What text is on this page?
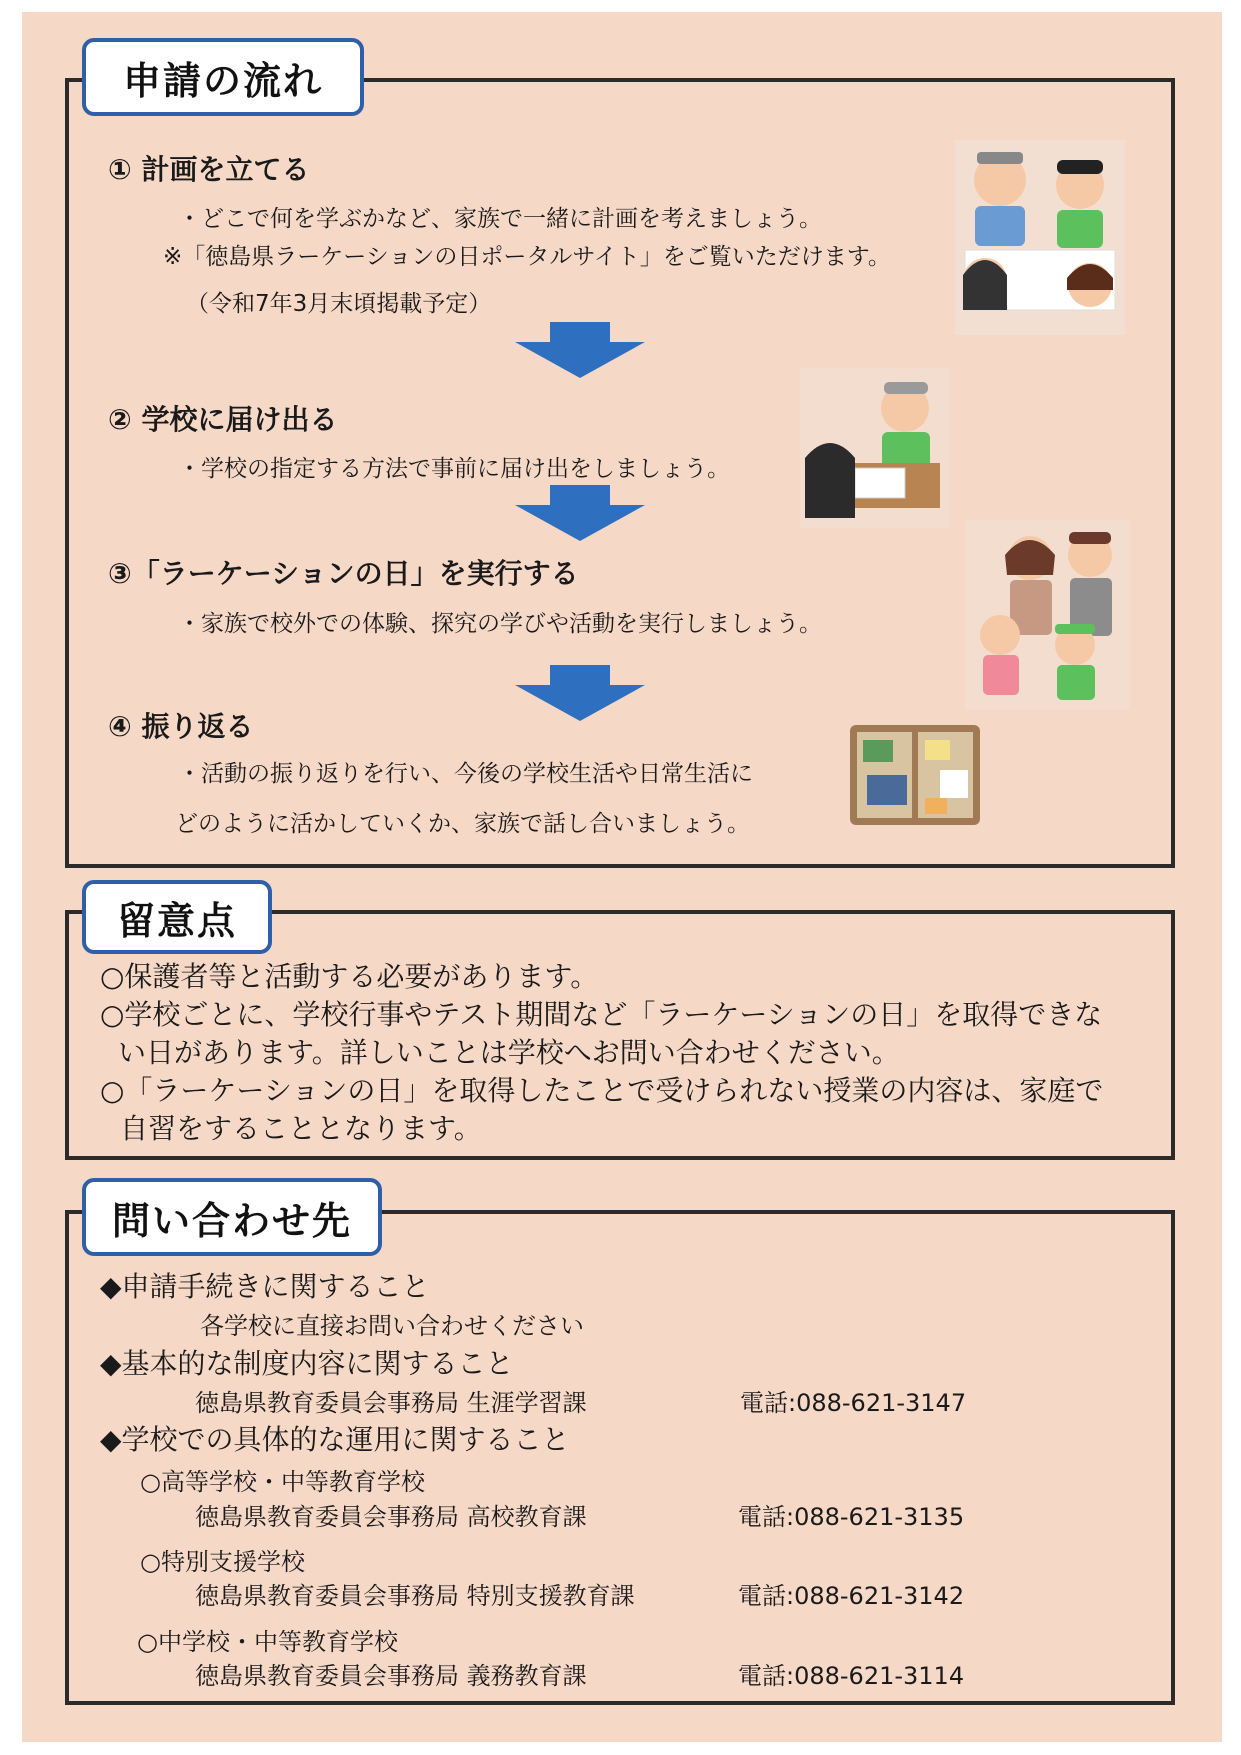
申請の流れ
① 計画を立てる
・どこで何を学ぶかなど、家族で一緒に計画を考えましょう。
※「徳島県ラーケーションの日ポータルサイト」をご覧いただけます。
（令和7年3月末頃掲載予定）
② 学校に届け出る
・学校の指定する方法で事前に届け出をしましょう。
③「ラーケーションの日」を実行する
・家族で校外での体験、探究の学びや活動を実行しましょう。
④ 振り返る
・活動の振り返りを行い、今後の学校生活や日常生活に
どのように活かしていくか、家族で話し合いましょう。
留意点
○保護者等と活動する必要があります。
○学校ごとに、学校行事やテスト期間など「ラーケーションの日」を取得できな
い日があります。詳しいことは学校へお問い合わせください。
○「ラーケーションの日」を取得したことで受けられない授業の内容は、家庭で
自習をすることとなります。
問い合わせ先
◆申請手続きに関すること
各学校に直接お問い合わせください
◆基本的な制度内容に関すること
徳島県教育委員会事務局 生涯学習課	電話:088-621-3147
◆学校での具体的な運用に関すること
○高等学校・中等教育学校
徳島県教育委員会事務局 高校教育課	電話:088-621-3135
○特別支援学校
徳島県教育委員会事務局 特別支援教育課	電話:088-621-3142
○中学校・中等教育学校
徳島県教育委員会事務局 義務教育課	電話:088-621-3114
